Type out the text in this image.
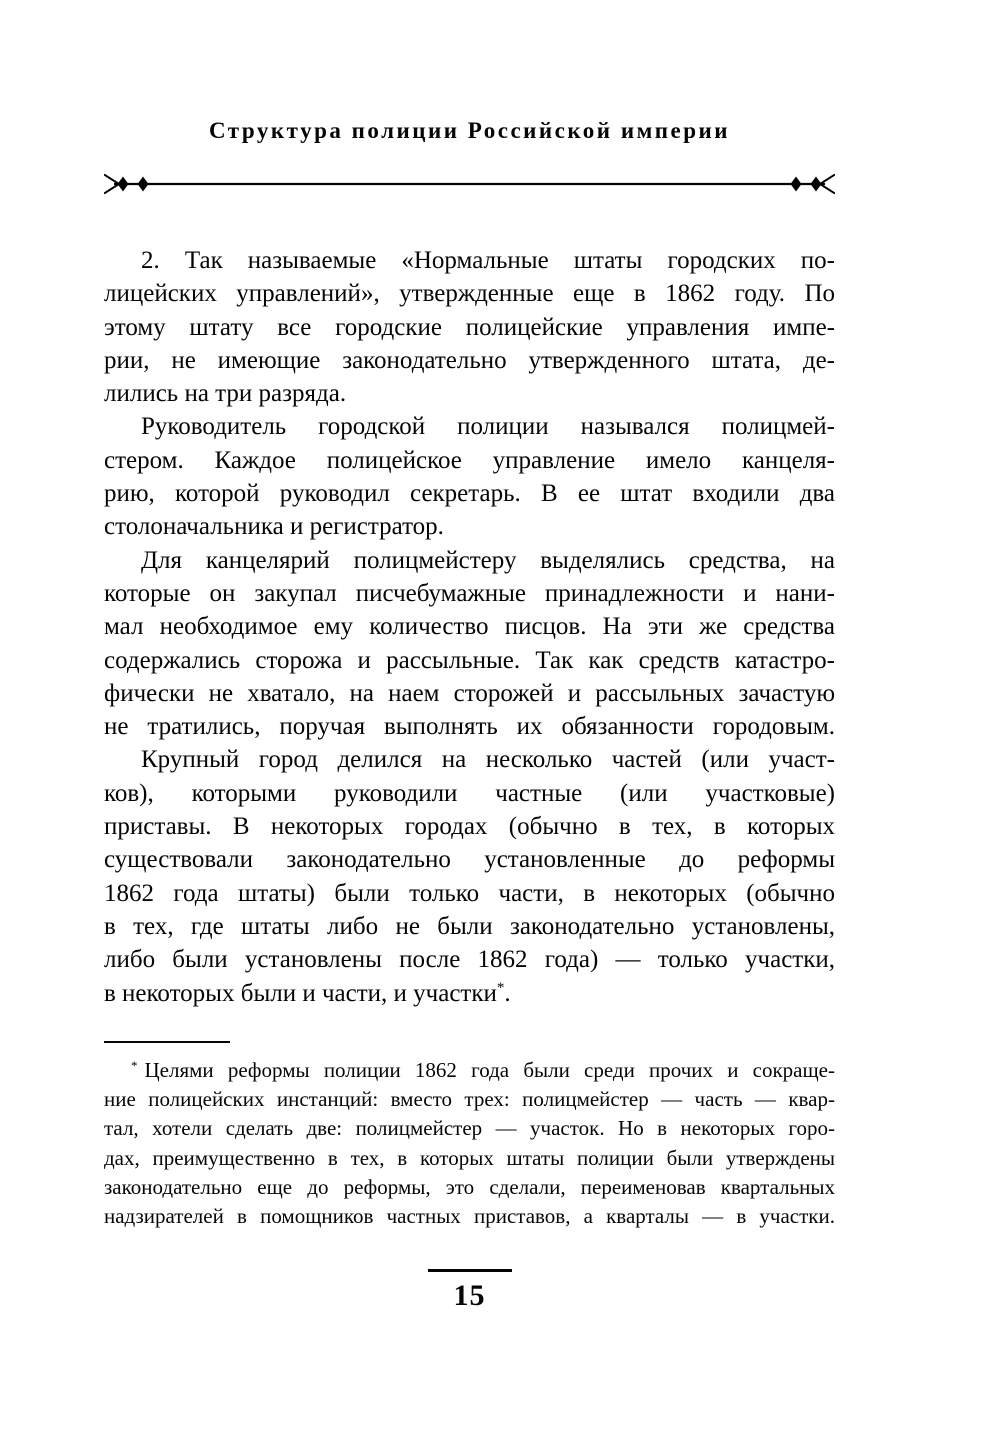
Структура полиции Российской империи

2. Так называемые «Нормальные штаты городских по-
лицейских управлений», утвержденные еще в 1862 году. По
этому штату все городские полицейские управления импе-
рии, не имеющие законодательно утвержденного штата, де-
лились на три разряда.

Руководитель городской полиции назывался полицмей-
стером. Каждое полицейское управление имело канцеля-
рию, которой руководил секретарь. В ее штат входили два
столоначальника и регистратор.

Для канцелярий полицмейстеру выделялись средства, на
которые он закупал писчебумажные принадлежности и нани-
мал необходимое ему количество писцов. На эти же средства
содержались сторожа и рассыльные. Так как средств катастро-
фически не хватало, на наем сторожей и рассыльных зачастую
не тратились, поручая выполнять их обязанности городовым.

Крупный город делился на несколько частей (или участ-
ков), которыми руководили частные (или участковые)
приставы. В некоторых городах (обычно в тех, в которых
существовали законодательно установленные до реформы
1862 года штаты) были только части, в некоторых (обычно
в тех, где штаты либо не были законодательно установлены,
либо были установлены после 1862 года) — только участки,
в некоторых были и части, и участки*.

* Целями реформы полиции 1862 года были среди прочих и сокраще-
ние полицейских инстанций: вместо трех: полицмейстер — часть — квар-
тал, хотели сделать две: полицмейстер — участок. Но в некоторых горо-
дах, преимущественно в тех, в которых штаты полиции были утверждены
законодательно еще до реформы, это сделали, переименовав квартальных
надзирателей в помощников частных приставов, а кварталы — в участки.
15
